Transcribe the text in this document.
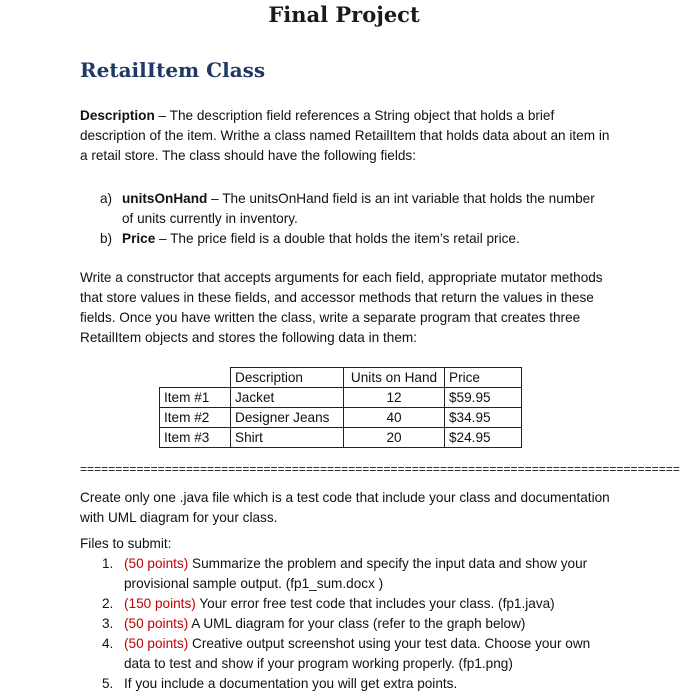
Final Project
RetailItem Class

Description – The description field references a String object that holds a brief description of the item. Writhe a class named RetailItem that holds data about an item in a retail store. The class should have the following fields:

a) unitsOnHand – The unitsOnHand field is an int variable that holds the number of units currently in inventory.
b) Price – The price field is a double that holds the item’s retail price.

Write a constructor that accepts arguments for each field, appropriate mutator methods that store values in these fields, and accessor methods that return the values in these fields. Once you have written the class, write a separate program that creates three RetailItem objects and stores the following data in them:

	Description	Units on Hand	Price
Item #1	Jacket	12	$59.95
Item #2	Designer Jeans	40	$34.95
Item #3	Shirt	20	$24.95
=====================================================================================

Create only one .java file which is a test code that include your class and documentation with UML diagram for your class.

Files to submit:
1. (50 points) Summarize the problem and specify the input data and show your provisional sample output. (fp1_sum.docx )
2. (150 points) Your error free test code that includes your class. (fp1.java)
3. (50 points) A UML diagram for your class (refer to the graph below)
4. (50 points) Creative output screenshot using your test data. Choose your own data to test and show if your program working properly. (fp1.png)
5. If you include a documentation you will get extra points.
